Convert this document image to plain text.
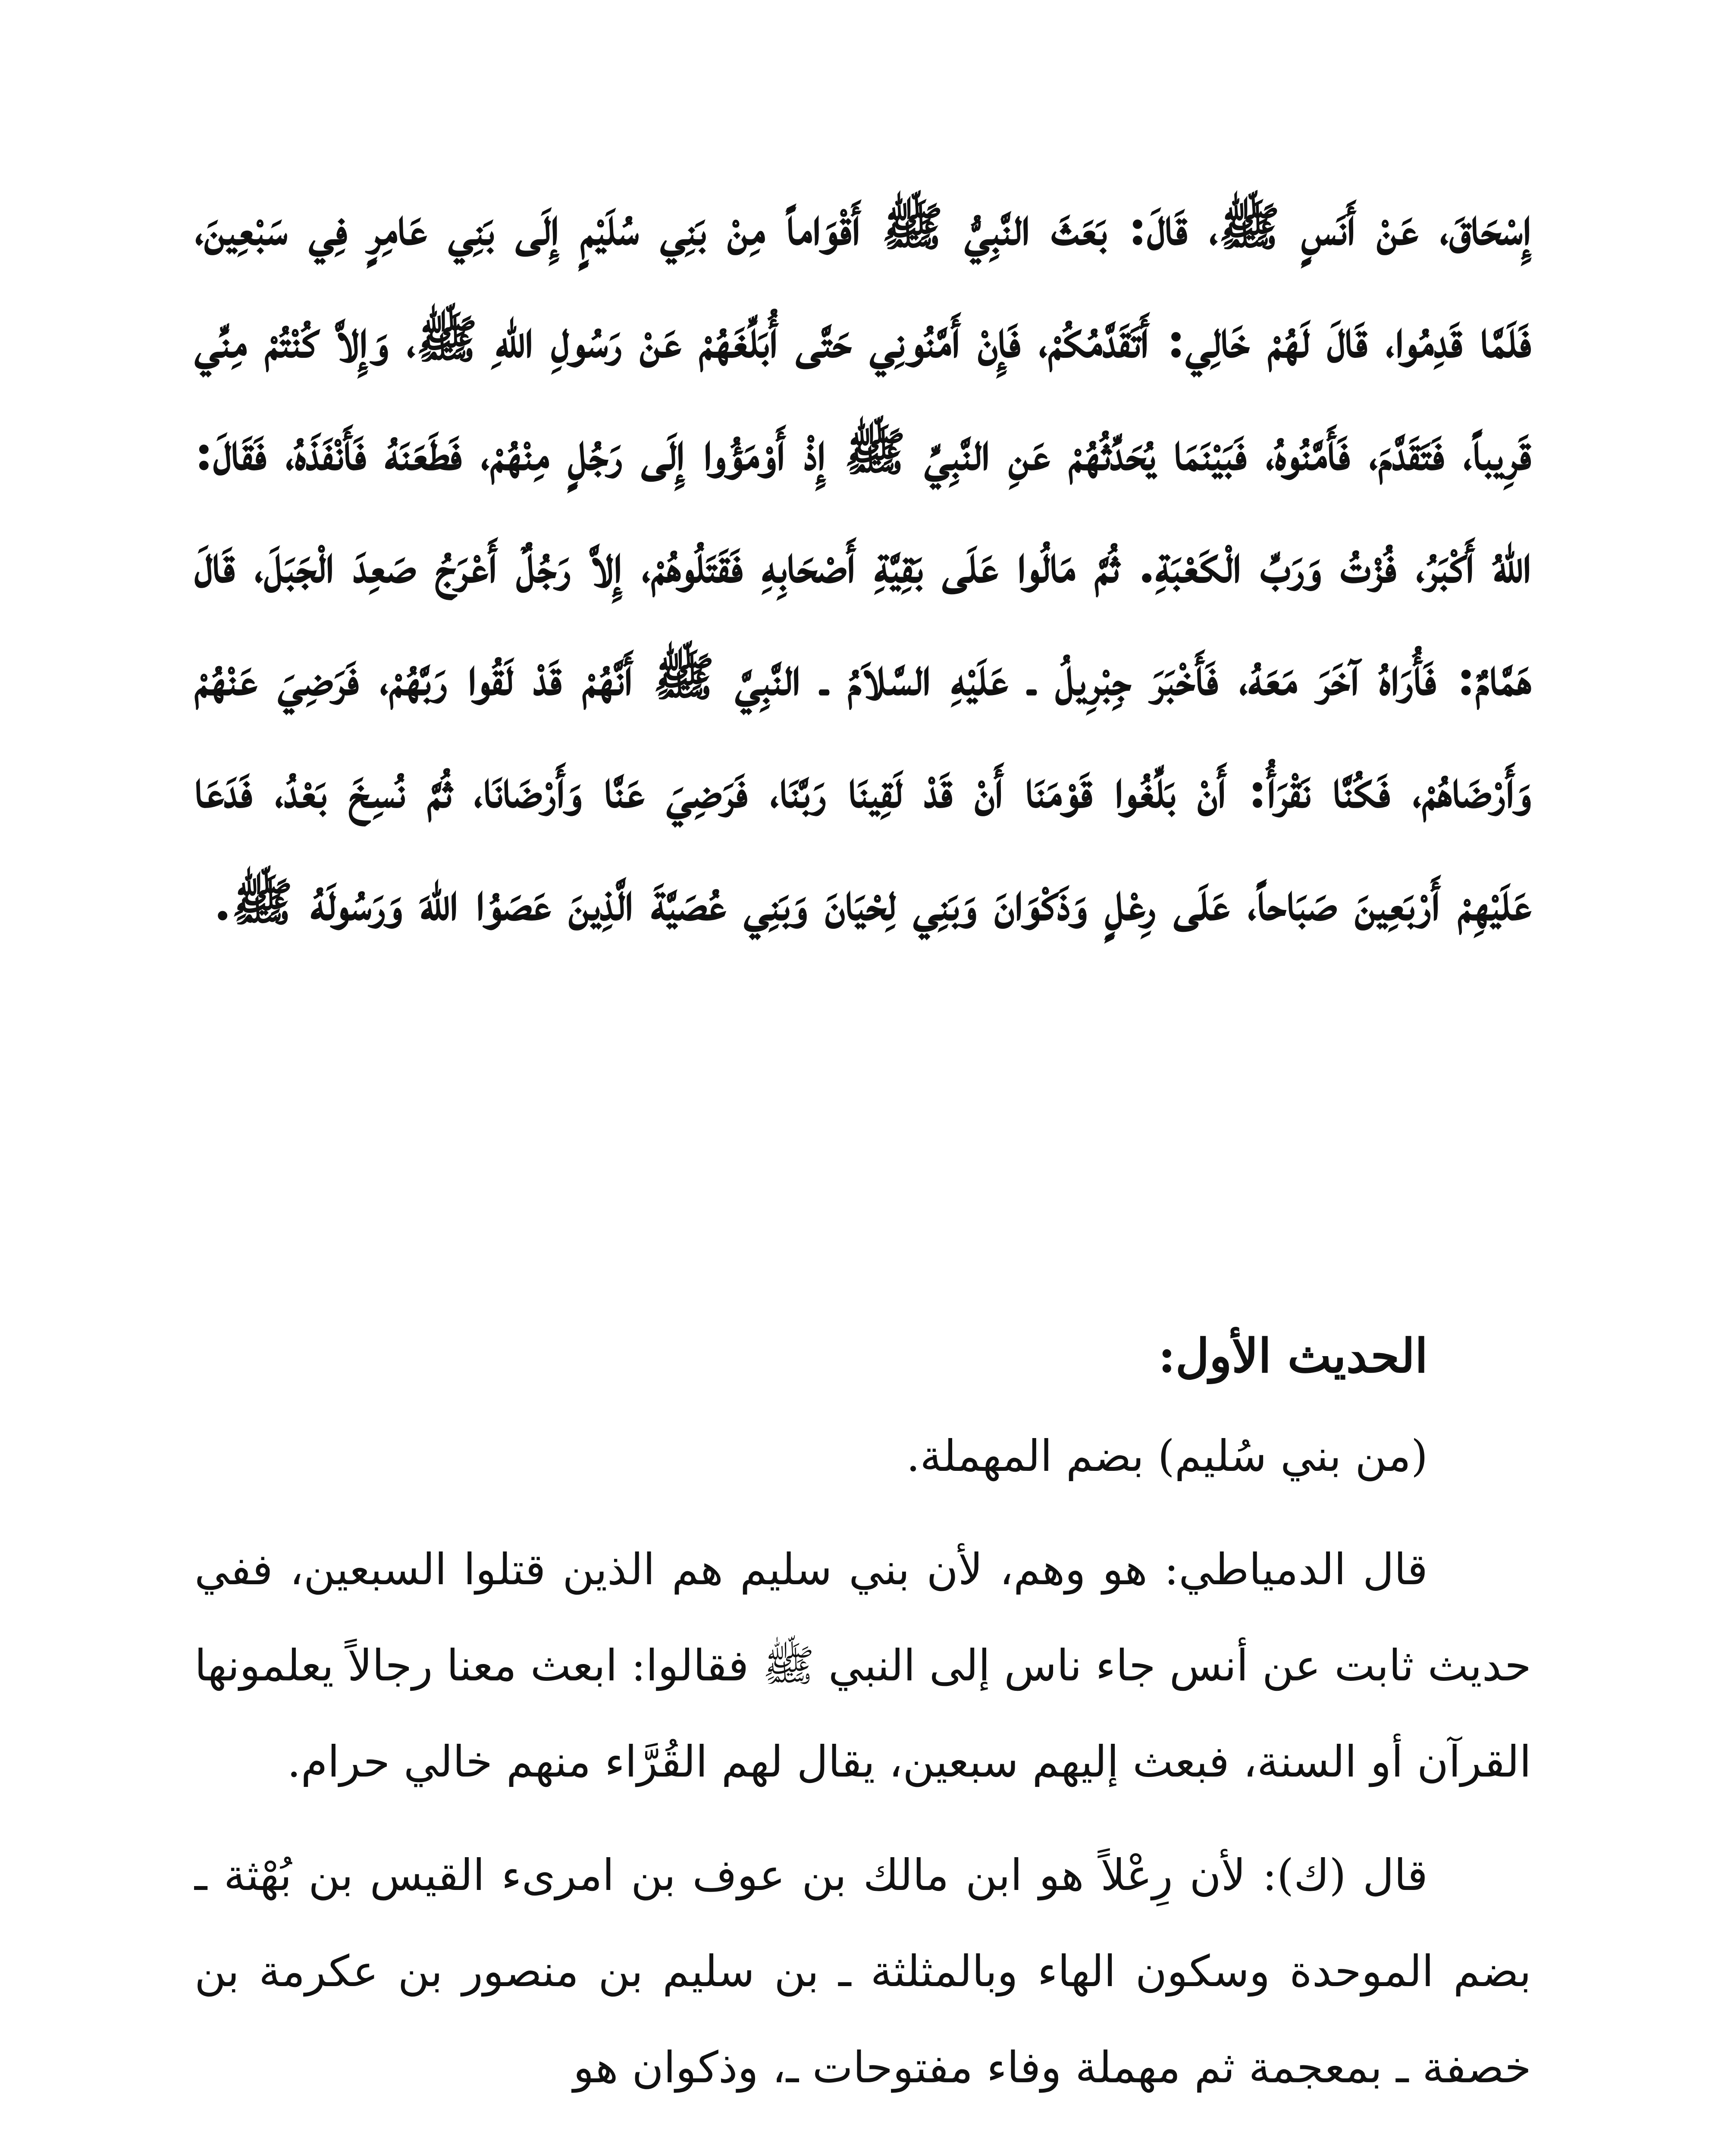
إِسْحَاقَ، عَنْ أَنَسٍ ﷺ، قَالَ: بَعَثَ النَّبِيُّ ﷺ أَقْوَاماً مِنْ بَنِي سُلَيْمٍ إِلَى بَنِي عَامِرٍ فِي سَبْعِينَ، فَلَمَّا قَدِمُوا، قَالَ لَهُمْ خَالِي: أَتَقَدَّمُكُمْ، فَإِنْ أَمَّنُونِي حَتَّى أُبَلِّغَهُمْ عَنْ رَسُولِ اللهِ ﷺ، وَإِلاَّ كُنْتُمْ مِنِّي قَرِيباً، فَتَقَدَّمَ، فَأَمَّنُوهُ، فَبَيْنَمَا يُحَدِّثُهُمْ عَنِ النَّبِيِّ ﷺ إِذْ أَوْمَؤُوا إِلَى رَجُلٍ مِنْهُمْ، فَطَعَنَهُ فَأَنْفَذَهُ، فَقَالَ: اللهُ أَكْبَرُ، فُزْتُ وَرَبِّ الْكَعْبَةِ. ثُمَّ مَالُوا عَلَى بَقِيَّةِ أَصْحَابِهِ فَقَتَلُوهُمْ، إِلاَّ رَجُلٌ أَعْرَجُ صَعِدَ الْجَبَلَ، قَالَ هَمَّامٌ: فَأُرَاهُ آخَرَ مَعَهُ، فَأَخْبَرَ جِبْرِيلُ ـ عَلَيْهِ السَّلاَمُ ـ النَّبِيَّ ﷺ أَنَّهُمْ قَدْ لَقُوا رَبَّهُمْ، فَرَضِيَ عَنْهُمْ وَأَرْضَاهُمْ، فَكُنَّا نَقْرَأُ: أَنْ بَلِّغُوا قَوْمَنَا أَنْ قَدْ لَقِينَا رَبَّنَا، فَرَضِيَ عَنَّا وَأَرْضَانَا، ثُمَّ نُسِخَ بَعْدُ، فَدَعَا عَلَيْهِمْ أَرْبَعِينَ صَبَاحاً، عَلَى رِعْلٍ وَذَكْوَانَ وَبَنِي لِحْيَانَ وَبَنِي عُصَيَّةَ الَّذِينَ عَصَوُا اللهَ وَرَسُولَهُ ﷺ.

الحديث الأول:

(من بني سُليم) بضم المهملة.

قال الدمياطي: هو وهم، لأن بني سليم هم الذين قتلوا السبعين، ففي حديث ثابت عن أنس جاء ناس إلى النبي ﷺ فقالوا: ابعث معنا رجالاً يعلمونها القرآن أو السنة، فبعث إليهم سبعين، يقال لهم القُرَّاء منهم خالي حرام.

قال (ك): لأن رِعْلاً هو ابن مالك بن عوف بن امرىء القيس بن بُهْثة ـ بضم الموحدة وسكون الهاء وبالمثلثة ـ بن سليم بن منصور بن عكرمة بن خصفة ـ بمعجمة ثم مهملة وفاء مفتوحات ـ، وذكوان هو
